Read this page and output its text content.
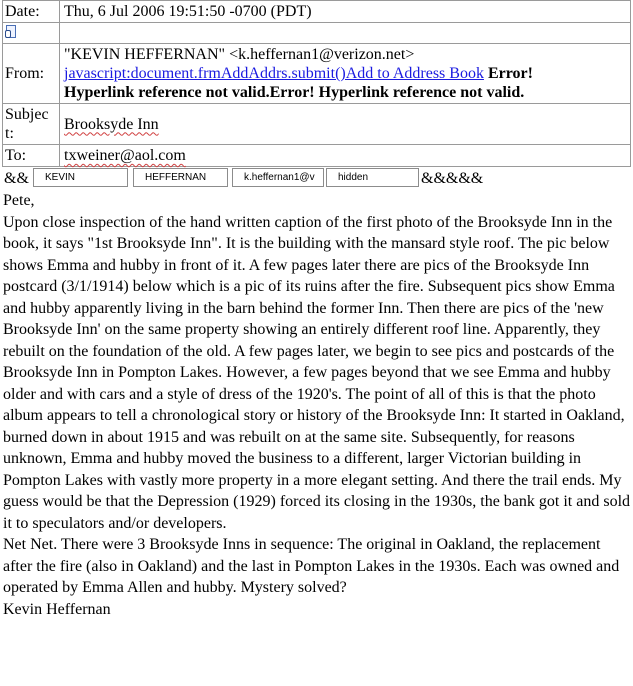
Date:	Thu, 6 Jul 2006 19:51:50 -0700 (PDT)

From:	"KEVIN HEFFERNAN" <k.heffernan1@verizon.net>
javascript:document.frmAddAddrs.submit()Add to Address Book Error!
Hyperlink reference not valid.Error! Hyperlink reference not valid.

Subject:	Brooksyde Inn
To:	txweiner@aol.com
&&	KEVIN	HEFFERNAN	k.heffernan1@v	hidden	&&&&&

Pete,

Upon close inspection of the hand written caption of the first photo of the Brooksyde Inn in the book, it says "1st Brooksyde Inn". It is the building with the mansard style roof. The pic below shows Emma and hubby in front of it. A few pages later there are pics of the Brooksyde Inn postcard (3/1/1914) below which is a pic of its ruins after the fire. Subsequent pics show Emma and hubby apparently living in the barn behind the former Inn. Then there are pics of the 'new Brooksyde Inn' on the same property showing an entirely different roof line. Apparently, they rebuilt on the foundation of the old. A few pages later, we begin to see pics and postcards of the Brooksyde Inn in Pompton Lakes. However, a few pages beyond that we see Emma and hubby older and with cars and a style of dress of the 1920's. The point of all of this is that the photo album appears to tell a chronological story or history of the Brooksyde Inn: It started in Oakland, burned down in about 1915 and was rebuilt on at the same site. Subsequently, for reasons unknown, Emma and hubby moved the business to a different, larger Victorian building in Pompton Lakes with vastly more property in a more elegant setting. And there the trail ends. My guess would be that the Depression (1929) forced its closing in the 1930s, the bank got it and sold it to speculators and/or developers.

Net Net. There were 3 Brooksyde Inns in sequence: The original in Oakland, the replacement after the fire (also in Oakland) and the last in Pompton Lakes in the 1930s. Each was owned and operated by Emma Allen and hubby. Mystery solved?

Kevin Heffernan
